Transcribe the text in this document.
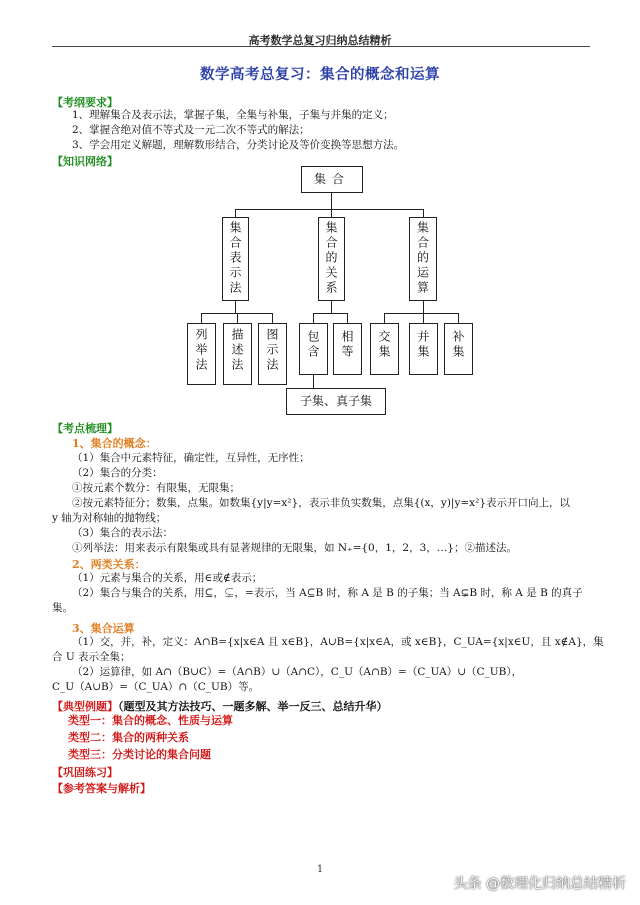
高考数学总复习归纳总结精析
数学高考总复习：集合的概念和运算
【考纲要求】
1、理解集合及表示法，掌握子集，全集与补集，子集与并集的定义；
2、掌握含绝对值不等式及一元二次不等式的解法；
3、学会用定义解题，理解数形结合，分类讨论及等价变换等思想方法。
【知识网络】
集合
集合表示法	集合的关系	集合的运算
列举法	描述法	图示法	包含	相等	交集	并集	补集
子集、真子集
【考点梳理】
1、集合的概念：
（1）集合中元素特征，确定性，互异性，无序性；
（2）集合的分类：
①按元素个数分：有限集，无限集；
②按元素特征分；数集，点集。如数集{y|y=x²}，表示非负实数集，点集{(x，y)|y=x²}表示开口向上，以
y 轴为对称轴的抛物线；
（3）集合的表示法：
①列举法：用来表示有限集或具有显著规律的无限集，如 N₊={0，1，2，3，…}；②描述法。
2、两类关系：
（1）元素与集合的关系，用∈或∉表示；
（2）集合与集合的关系，用⊆，⊊，=表示，当 A⊆B 时，称 A 是 B 的子集；当 A⊊B 时，称 A 是 B 的真子
集。
3、集合运算
（1）交，并，补，定义：A∩B={x|x∈A 且 x∈B}，A∪B={x|x∈A，或 x∈B}，C_UA={x|x∈U，且 x∉A}，集
合 U 表示全集；
（2）运算律，如 A∩（B∪C）=（A∩B）∪（A∩C），C_U（A∩B）=（C_UA）∪（C_UB），
C_U（A∪B）=（C_UA）∩（C_UB）等。
【典型例题】（题型及其方法技巧、一题多解、举一反三、总结升华）
类型一：集合的概念、性质与运算
类型二：集合的两种关系
类型三：分类讨论的集合问题
【巩固练习】
【参考答案与解析】
1
头条 @数理化归纳总结精析
